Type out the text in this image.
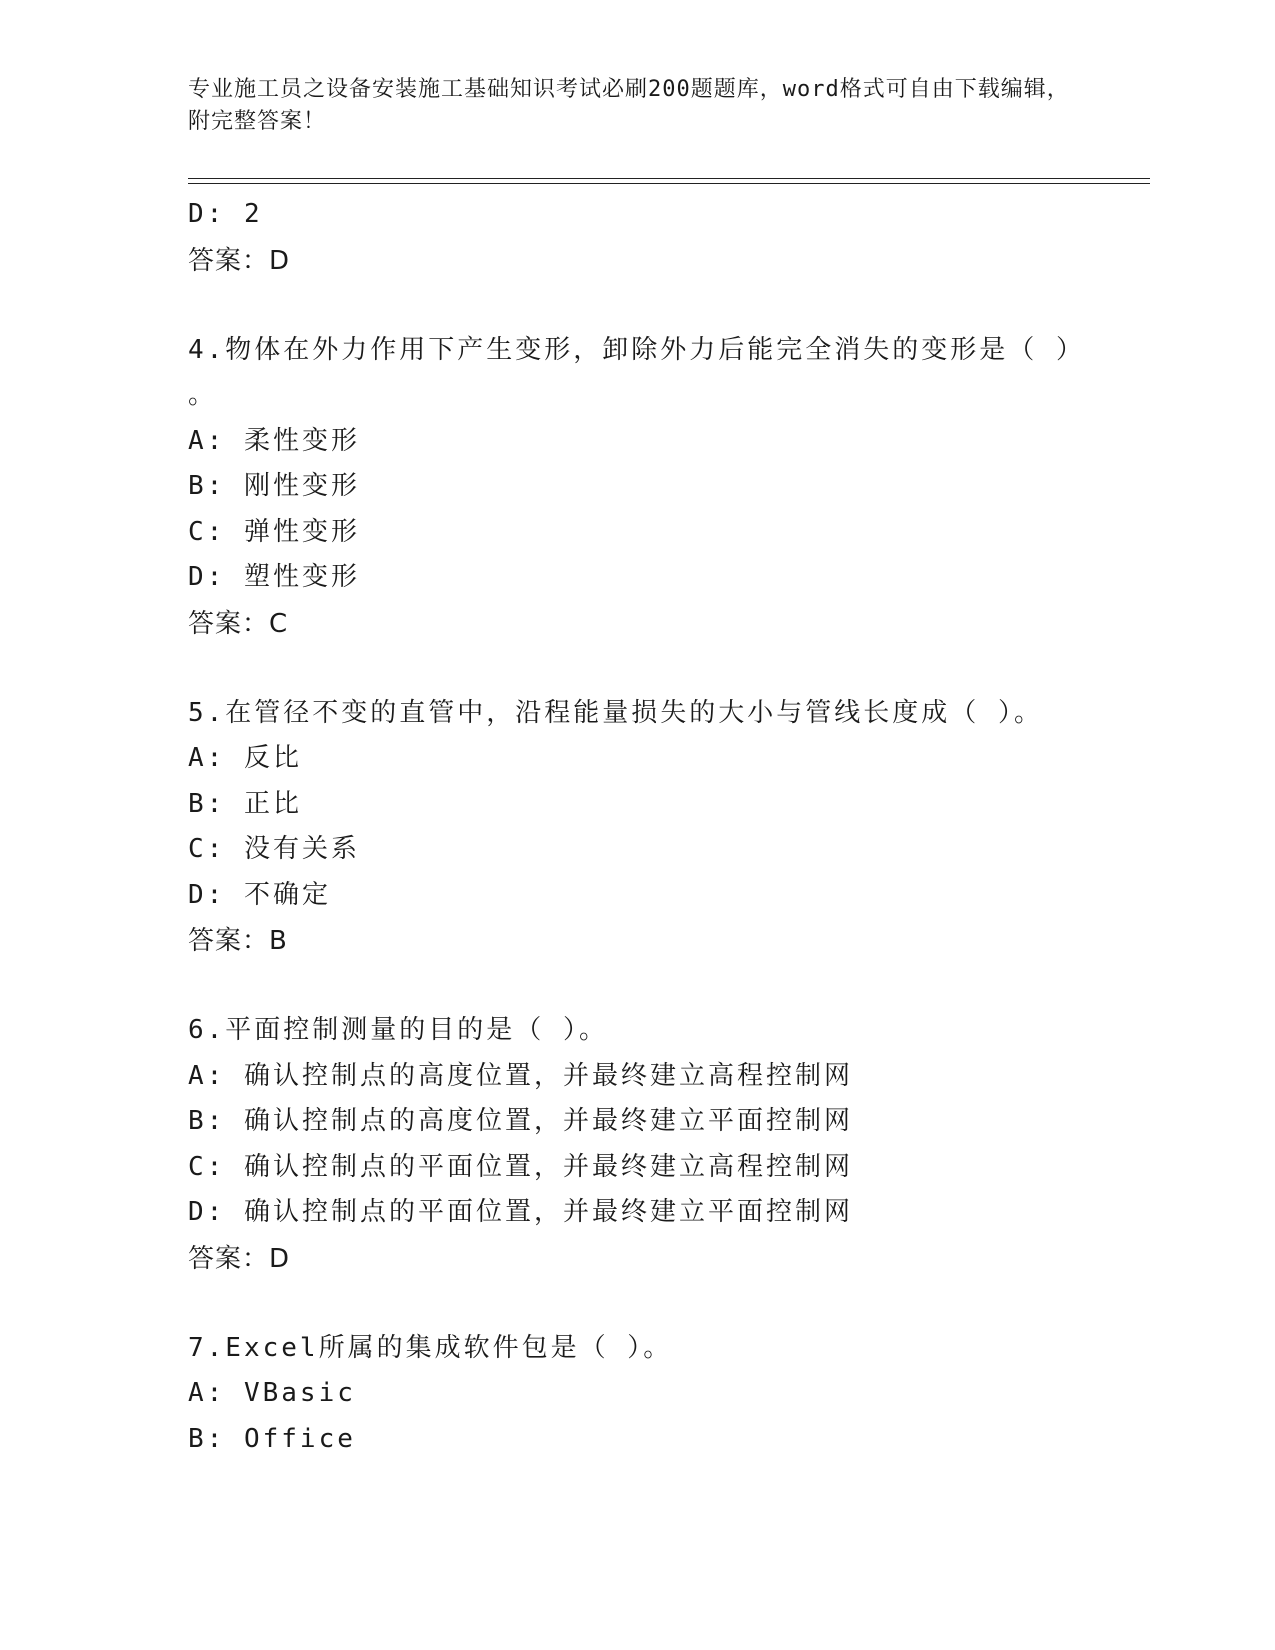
专业施工员之设备安装施工基础知识考试必刷200题题库，word格式可自由下载编辑，附完整答案！
D: 2
答案：D
4.物体在外力作用下产生变形，卸除外力后能完全消失的变形是（ ）
。
A: 柔性变形
B: 刚性变形
C: 弹性变形
D: 塑性变形
答案：C
5.在管径不变的直管中，沿程能量损失的大小与管线长度成（ ）。
A: 反比
B: 正比
C: 没有关系
D: 不确定
答案：B
6.平面控制测量的目的是（ ）。
A: 确认控制点的高度位置，并最终建立高程控制网
B: 确认控制点的高度位置，并最终建立平面控制网
C: 确认控制点的平面位置，并最终建立高程控制网
D: 确认控制点的平面位置，并最终建立平面控制网
答案：D
7.Excel所属的集成软件包是（ ）。
A: VBasic
B: Office
